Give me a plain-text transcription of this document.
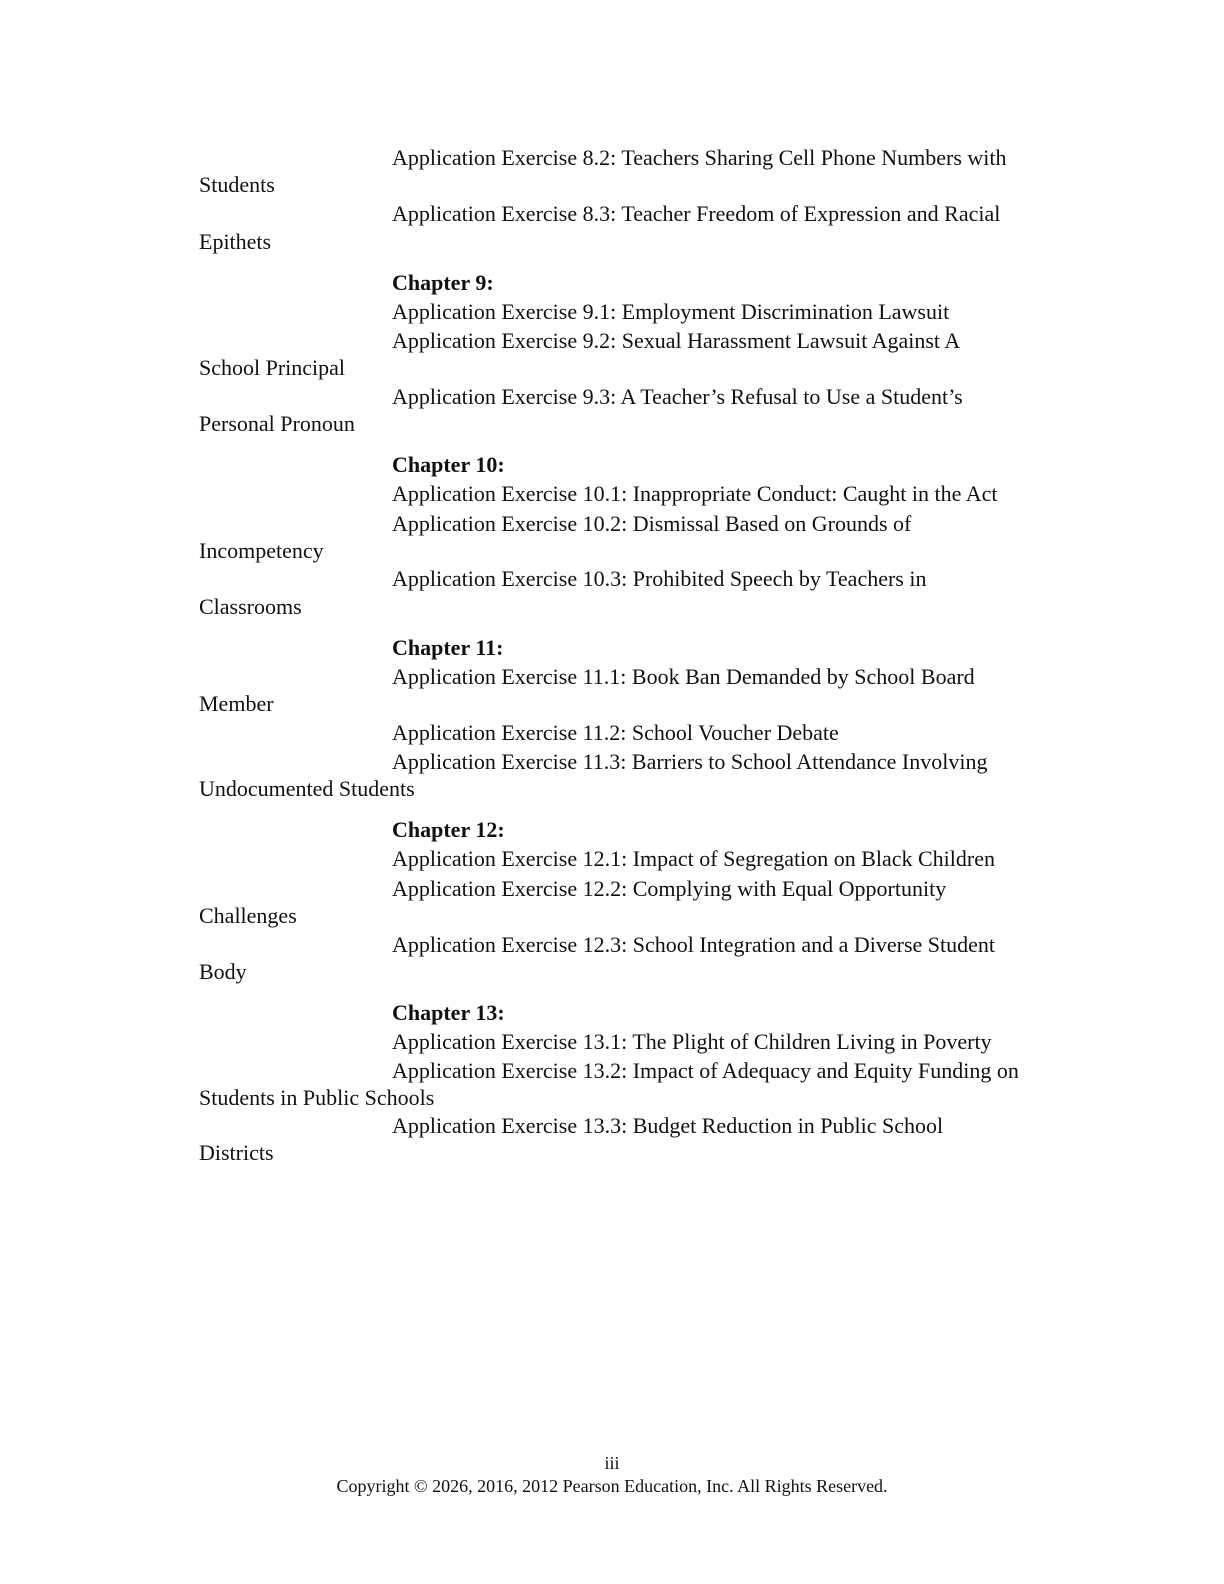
Application Exercise 8.2: Teachers Sharing Cell Phone Numbers with
Students
Application Exercise 8.3: Teacher Freedom of Expression and Racial
Epithets
Chapter 9:
Application Exercise 9.1: Employment Discrimination Lawsuit
Application Exercise 9.2: Sexual Harassment Lawsuit Against A
School Principal
Application Exercise 9.3: A Teacher’s Refusal to Use a Student’s
Personal Pronoun
Chapter 10:
Application Exercise 10.1: Inappropriate Conduct: Caught in the Act
Application Exercise 10.2: Dismissal Based on Grounds of
Incompetency
Application Exercise 10.3: Prohibited Speech by Teachers in
Classrooms
Chapter 11:
Application Exercise 11.1: Book Ban Demanded by School Board
Member
Application Exercise 11.2: School Voucher Debate
Application Exercise 11.3: Barriers to School Attendance Involving
Undocumented Students
Chapter 12:
Application Exercise 12.1: Impact of Segregation on Black Children
Application Exercise 12.2: Complying with Equal Opportunity
Challenges
Application Exercise 12.3: School Integration and a Diverse Student
Body
Chapter 13:
Application Exercise 13.1: The Plight of Children Living in Poverty
Application Exercise 13.2: Impact of Adequacy and Equity Funding on
Students in Public Schools
Application Exercise 13.3: Budget Reduction in Public School
Districts
iii
Copyright © 2026, 2016, 2012 Pearson Education, Inc. All Rights Reserved.
